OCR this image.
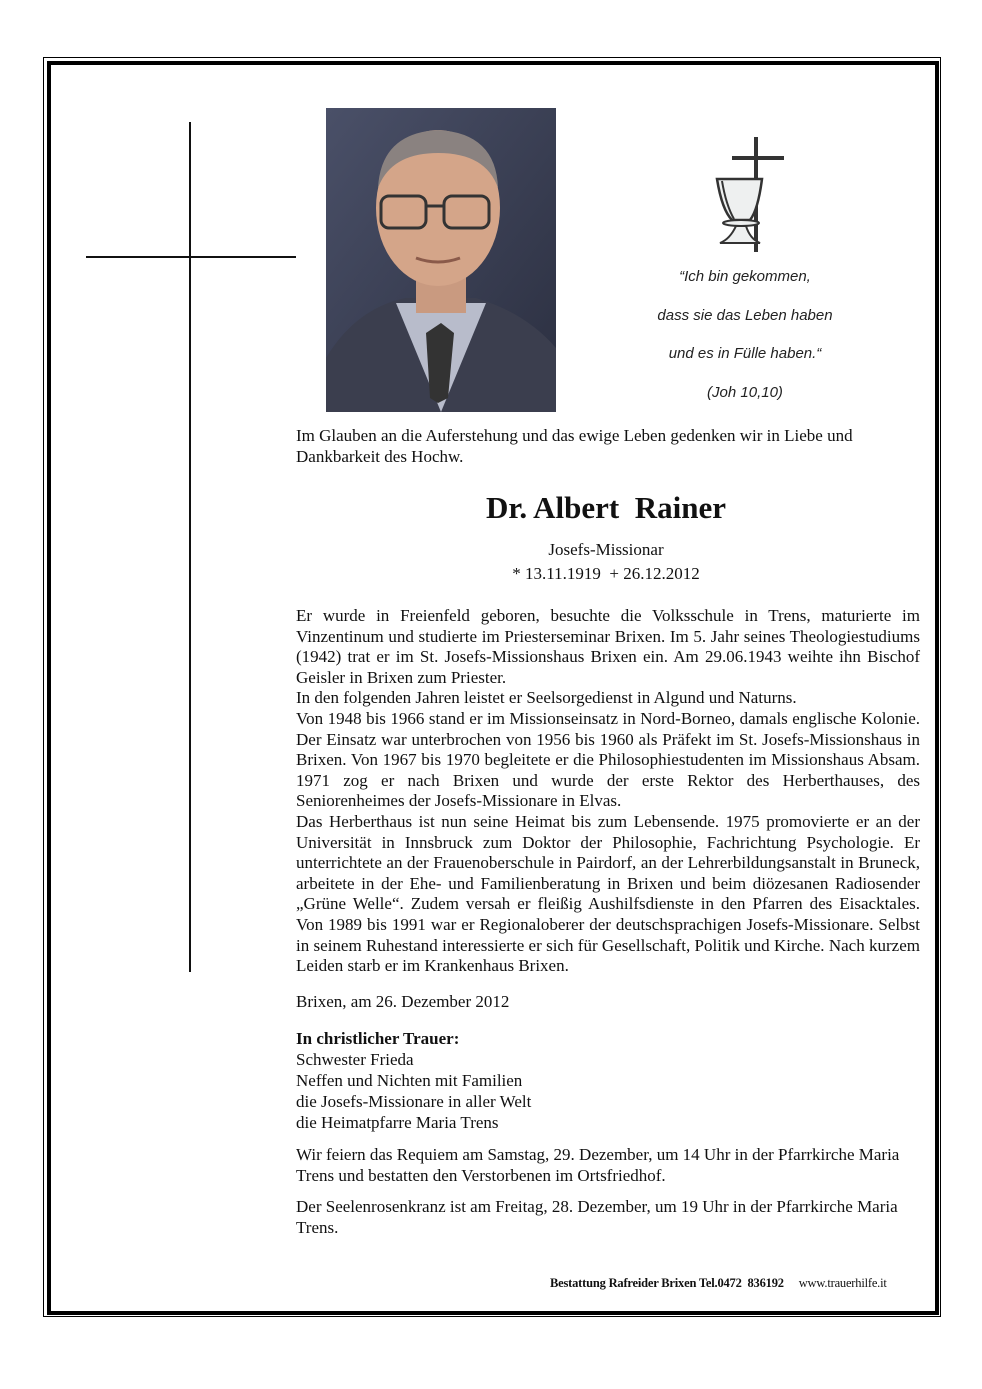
“Ich bin gekommen,
dass sie das Leben haben
und es in Fülle haben.“
(Joh 10,10)
Im Glauben an die Auferstehung und das ewige Leben gedenken wir in Liebe und Dankbarkeit des Hochw.
Dr. Albert  Rainer
Josefs-Missionar
* 13.11.1919  + 26.12.2012

Er wurde in Freienfeld geboren, besuchte die Volksschule in Trens, maturierte im Vinzentinum und studierte im Priesterseminar Brixen. Im 5. Jahr seines Theologiestudiums (1942) trat er im St. Josefs-Missionshaus Brixen ein. Am 29.06.1943 weihte ihn Bischof Geisler in Brixen zum Priester.

In den folgenden Jahren leistet er Seelsorgedienst in Algund und Naturns.

Von 1948 bis 1966 stand er im Missionseinsatz in Nord-Borneo, damals englische Kolonie. Der Einsatz war unterbrochen von 1956 bis 1960 als Präfekt im St. Josefs-Missionshaus in Brixen. Von 1967 bis 1970 begleitete er die Philosophiestudenten im Missionshaus Absam. 1971 zog er nach Brixen und wurde der erste Rektor des Herberthauses, des Seniorenheimes der Josefs-Missionare in Elvas.

Das Herberthaus ist nun seine Heimat bis zum Lebensende. 1975 promovierte er an der Universität in Innsbruck zum Doktor der Philosophie, Fachrichtung Psychologie. Er unterrichtete an der Frauenoberschule in Pairdorf, an der Lehrerbildungsanstalt in Bruneck, arbeitete in der Ehe- und Familienberatung in Brixen und beim diözesanen Radiosender „Grüne Welle“. Zudem versah er fleißig Aushilfsdienste in den Pfarren des Eisacktales. Von 1989 bis 1991 war er Regionaloberer der deutschsprachigen Josefs-Missionare. Selbst in seinem Ruhestand interessierte er sich für Gesellschaft, Politik und Kirche. Nach kurzem Leiden starb er im Krankenhaus Brixen.

Brixen, am 26. Dezember 2012
In christlicher Trauer:
Schwester Frieda
Neffen und Nichten mit Familien
die Josefs-Missionare in aller Welt
die Heimatpfarre Maria Trens
Wir feiern das Requiem am Samstag, 29. Dezember, um 14 Uhr in der Pfarrkirche Maria Trens und bestatten den Verstorbenen im Ortsfriedhof.
Der Seelenrosenkranz ist am Freitag, 28. Dezember, um 19 Uhr in der Pfarrkirche Maria Trens.
Bestattung Rafreider Brixen Tel.0472  836192 www.trauerhilfe.it
